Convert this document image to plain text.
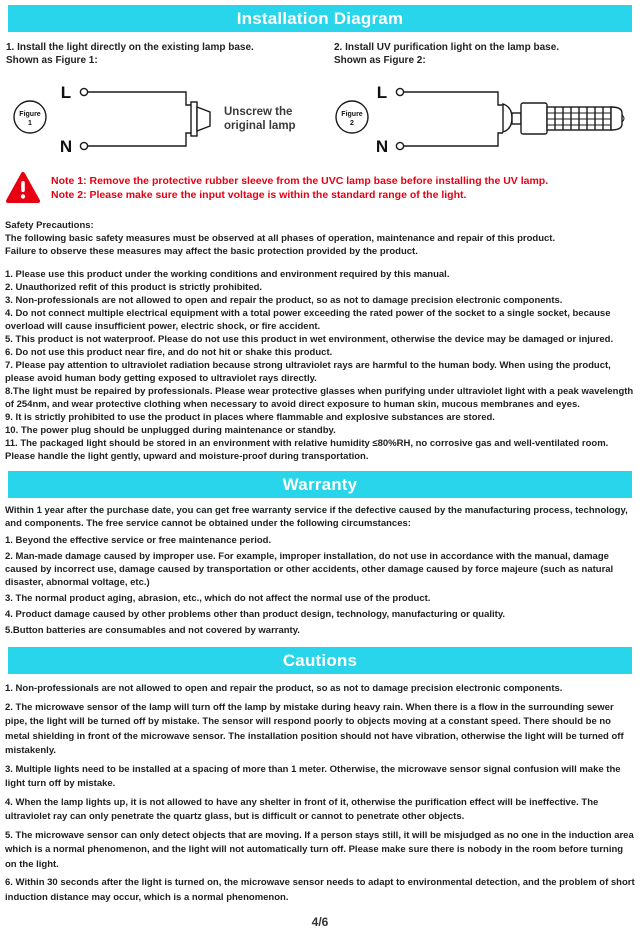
Installation Diagram
1. Install the light directly on the existing lamp base.
Shown as Figure 1:
2. Install UV purification light on the lamp base.
Shown as Figure 2:
Figure
1
L
N
Unscrew the
original lamp
Figure
2
L
N
Note 1: Remove the protective rubber sleeve from the UVC lamp base before installing the UV lamp.
Note 2: Please make sure the input voltage is within the standard range of the light.
Safety Precautions:
The following basic safety measures must be observed at all phases of operation, maintenance and repair of this product.
Failure to observe these measures may affect the basic protection provided by the product.
1. Please use this product under the working conditions and environment required by this manual.
2. Unauthorized refit of this product is strictly prohibited.
3. Non-professionals are not allowed to open and repair the product, so as not to damage precision electronic components.
4. Do not connect multiple electrical equipment with a total power exceeding the rated power of the socket to a single socket, because overload will cause insufficient power, electric shock, or fire accident.
5. This product is not waterproof. Please do not use this product in wet environment, otherwise the device may be damaged or injured.
6. Do not use this product near fire, and do not hit or shake this product.
7. Please pay attention to ultraviolet radiation because strong ultraviolet rays are harmful to the human body. When using the product, please avoid human body getting exposed to ultraviolet rays directly.
8.The light must be repaired by professionals. Please wear protective glasses when purifying under ultraviolet light with a peak wavelength of 254nm, and wear protective clothing when necessary to avoid direct exposure to human skin, mucous membranes and eyes.
9. It is strictly prohibited to use the product in places where flammable and explosive substances are stored.
10. The power plug should be unplugged during maintenance or standby.
11. The packaged light should be stored in an environment with relative humidity ≤80%RH, no corrosive gas and well-ventilated room. Please handle the light gently, upward and moisture-proof during transportation.
Warranty
Within 1 year after the purchase date, you can get free warranty service if the defective caused by the manufacturing process, technology, and components. The free service cannot be obtained under the following circumstances:
1. Beyond the effective service or free maintenance period.
2. Man-made damage caused by improper use. For example, improper installation, do not use in accordance with the manual, damage caused by incorrect use, damage caused by transportation or other accidents, other damage caused by force majeure (such as natural disaster, abnormal voltage, etc.)
3. The normal product aging, abrasion, etc., which do not affect the normal use of the product.
4. Product damage caused by other problems other than product design, technology, manufacturing or quality.
5.Button batteries are consumables and not covered by warranty.
Cautions
1. Non-professionals are not allowed to open and repair the product, so as not to damage precision electronic components.
2. The microwave sensor of the lamp will turn off the lamp by mistake during heavy rain. When there is a flow in the surrounding sewer pipe, the light will be turned off by mistake. The sensor will respond poorly to objects moving at a constant speed. There should be no metal shielding in front of the microwave sensor. The installation position should not have vibration, otherwise the light will be turned off mistakenly.
3. Multiple lights need to be installed at a spacing of more than 1 meter. Otherwise, the microwave sensor signal confusion will make the light turn off by mistake.
4. When the lamp lights up, it is not allowed to have any shelter in front of it, otherwise the purification effect will be ineffective. The ultraviolet ray can only penetrate the quartz glass, but is difficult or cannot to penetrate other objects.
5. The microwave sensor can only detect objects that are moving. If a person stays still, it will be misjudged as no one in the induction area which is a normal phenomenon, and the light will not automatically turn off. Please make sure there is nobody in the room before turning on the light.
6. Within 30 seconds after the light is turned on, the microwave sensor needs to adapt to environmental detection, and the problem of short induction distance may occur, which is a normal phenomenon.
4/6
